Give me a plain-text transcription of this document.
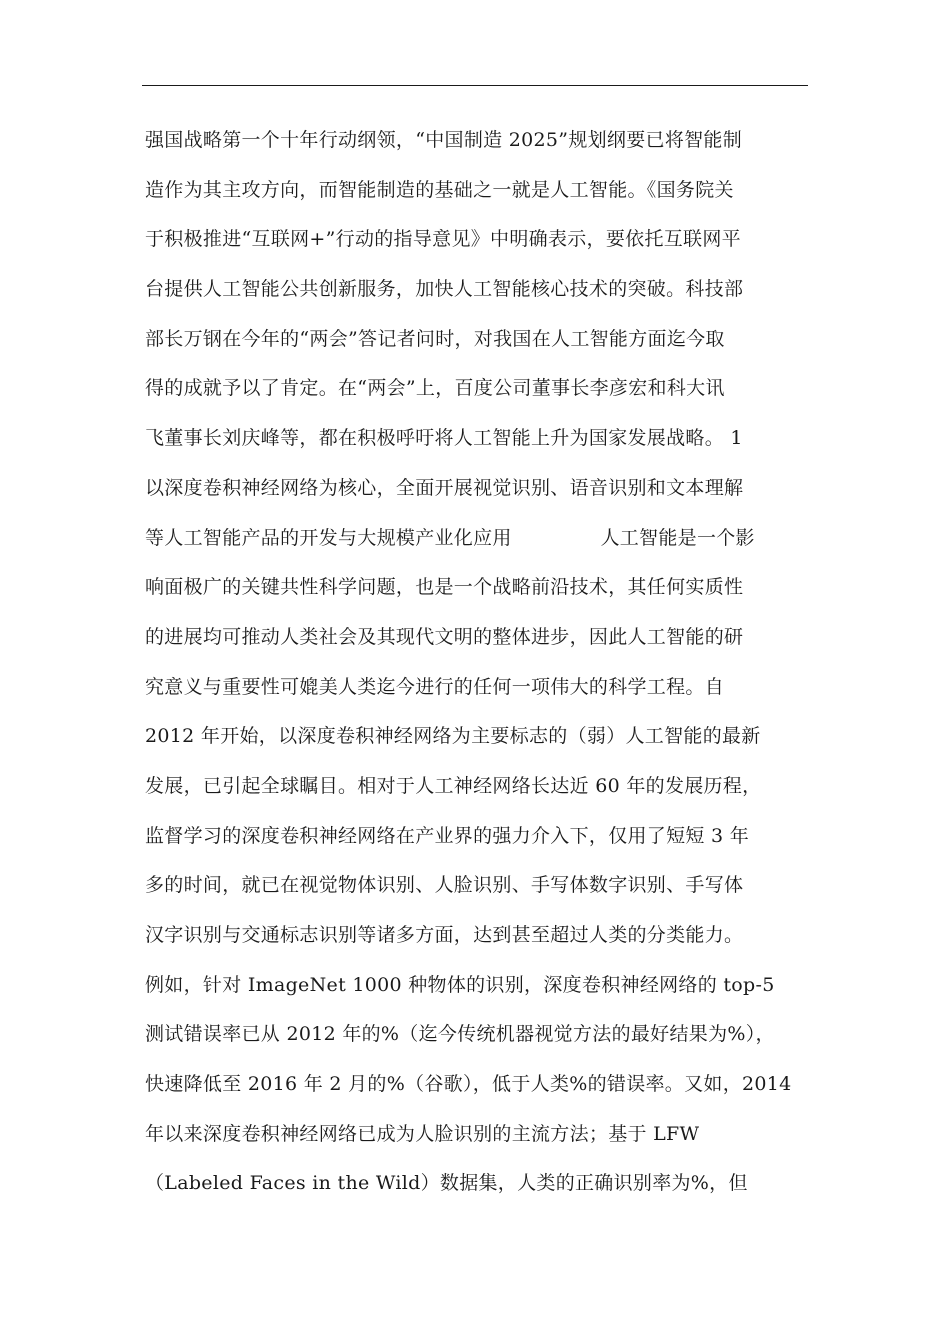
强国战略第一个十年行动纲领，“中国制造 2025”规划纲要已将智能制
造作为其主攻方向，而智能制造的基础之一就是人工智能。《国务院关
于积极推进“互联网+”行动的指导意见》中明确表示，要依托互联网平
台提供人工智能公共创新服务，加快人工智能核心技术的突破。科技部
部长万钢在今年的“两会”答记者问时，对我国在人工智能方面迄今取
得的成就予以了肯定。在“两会”上，百度公司董事长李彦宏和科大讯
飞董事长刘庆峰等，都在积极呼吁将人工智能上升为国家发展战略。 1
以深度卷积神经网络为核心，全面开展视觉识别、语音识别和文本理解
等人工智能产品的开发与大规模产业化应用              人工智能是一个影
响面极广的关键共性科学问题，也是一个战略前沿技术，其任何实质性
的进展均可推动人类社会及其现代文明的整体进步，因此人工智能的研
究意义与重要性可媲美人类迄今进行的任何一项伟大的科学工程。自
2012 年开始，以深度卷积神经网络为主要标志的（弱）人工智能的最新
发展，已引起全球瞩目。相对于人工神经网络长达近 60 年的发展历程，
监督学习的深度卷积神经网络在产业界的强力介入下，仅用了短短 3 年
多的时间，就已在视觉物体识别、人脸识别、手写体数字识别、手写体
汉字识别与交通标志识别等诸多方面，达到甚至超过人类的分类能力。
例如，针对 ImageNet 1000 种物体的识别，深度卷积神经网络的 top-5
测试错误率已从 2012 年的%（迄今传统机器视觉方法的最好结果为%），
快速降低至 2016 年 2 月的%（谷歌），低于人类%的错误率。又如，2014
年以来深度卷积神经网络已成为人脸识别的主流方法；基于 LFW
（Labeled Faces in the Wild）数据集，人类的正确识别率为%，但
